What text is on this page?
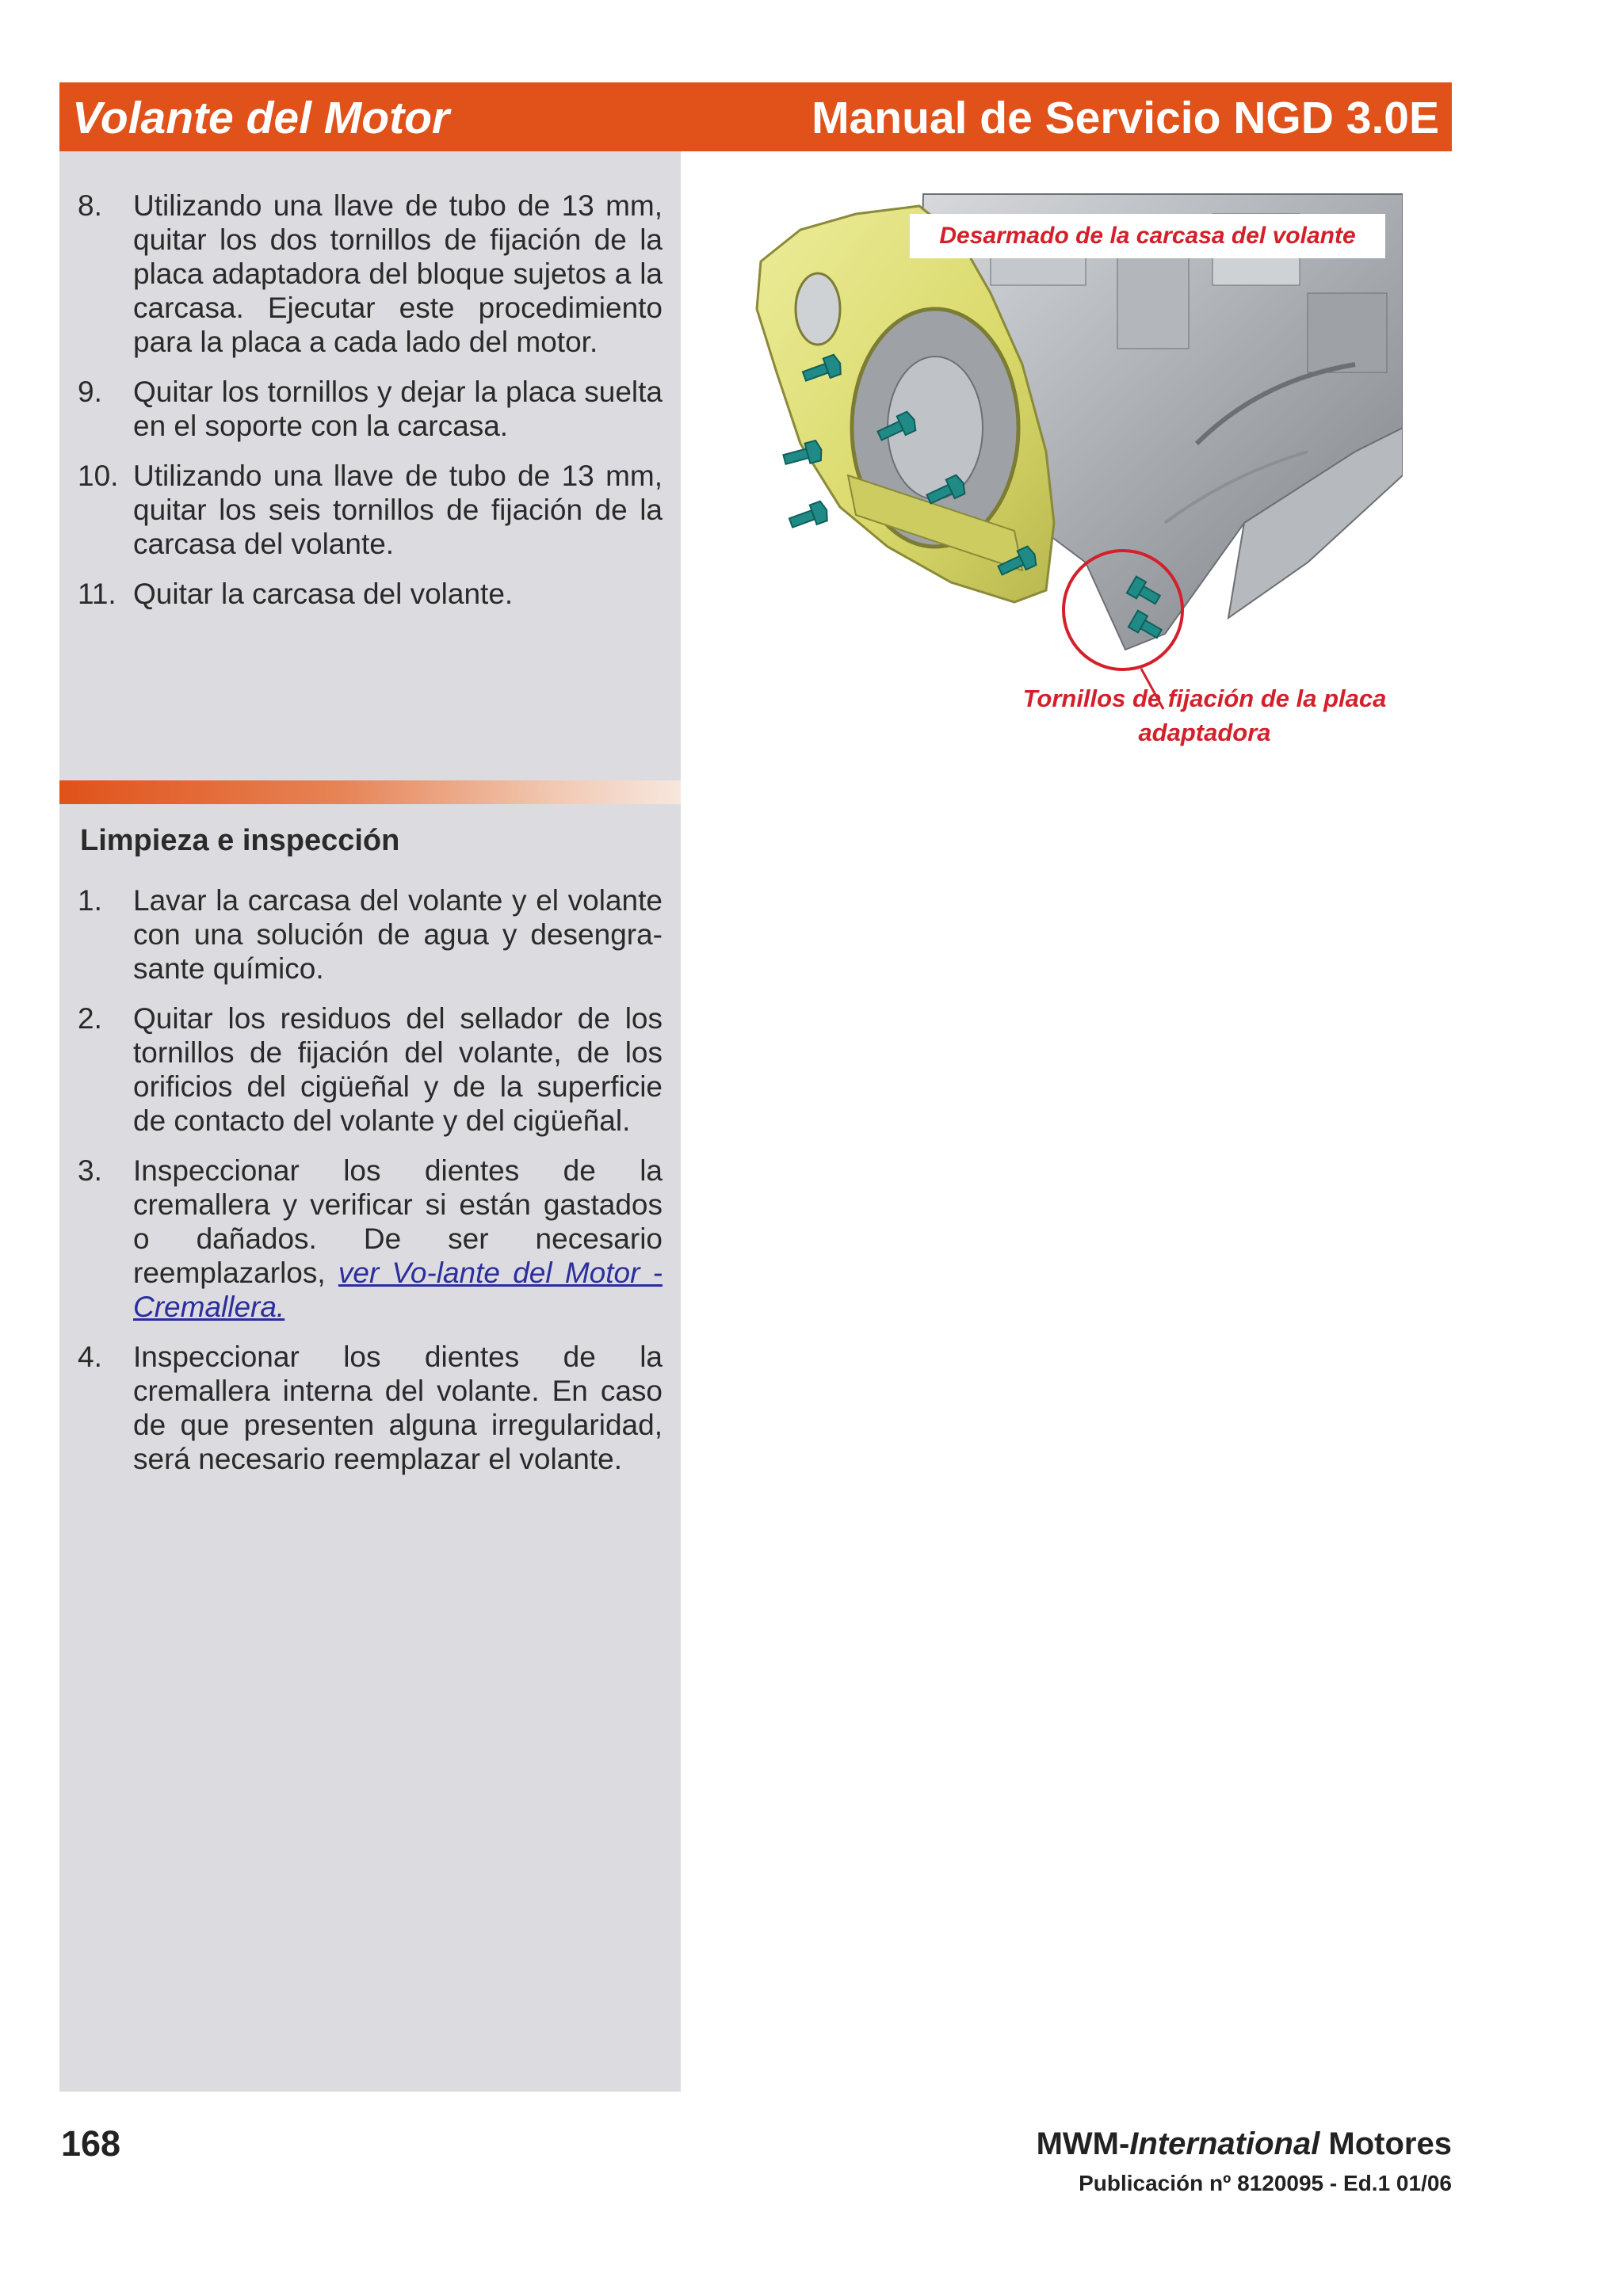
Volante del Motor	Manual de Servicio NGD 3.0E
8. Utilizando una llave de tubo de 13 mm, quitar los dos tornillos de fijación de la placa adaptadora del bloque sujetos a la carcasa. Ejecutar este procedimiento para la placa a cada lado del motor.
9. Quitar los tornillos y dejar la placa suelta en el soporte con la carcasa.
10. Utilizando una llave de tubo de 13 mm, quitar los seis tornillos de fijación de la carcasa del volante.
11. Quitar la carcasa del volante.
Limpieza e inspección
1. Lavar la carcasa del volante y el volante con una solución de agua y desengra-sante químico.
2. Quitar los residuos del sellador de los tornillos de fijación del volante, de los orificios del cigüeñal y de la superficie de contacto del volante y del cigüeñal.
3. Inspeccionar los dientes de la cremallera y verificar si están gastados o dañados. De ser necesario reemplazarlos, ver Vo-lante del Motor - Cremallera.
4. Inspeccionar los dientes de la cremallera interna del volante. En caso de que presenten alguna irregularidad, será necesario reemplazar el volante.
Desarmado de la carcasa del volante
Tornillos de fijación de la placa adaptadora
168	MWM-International Motores
Publicación nº 8120095 - Ed.1 01/06
